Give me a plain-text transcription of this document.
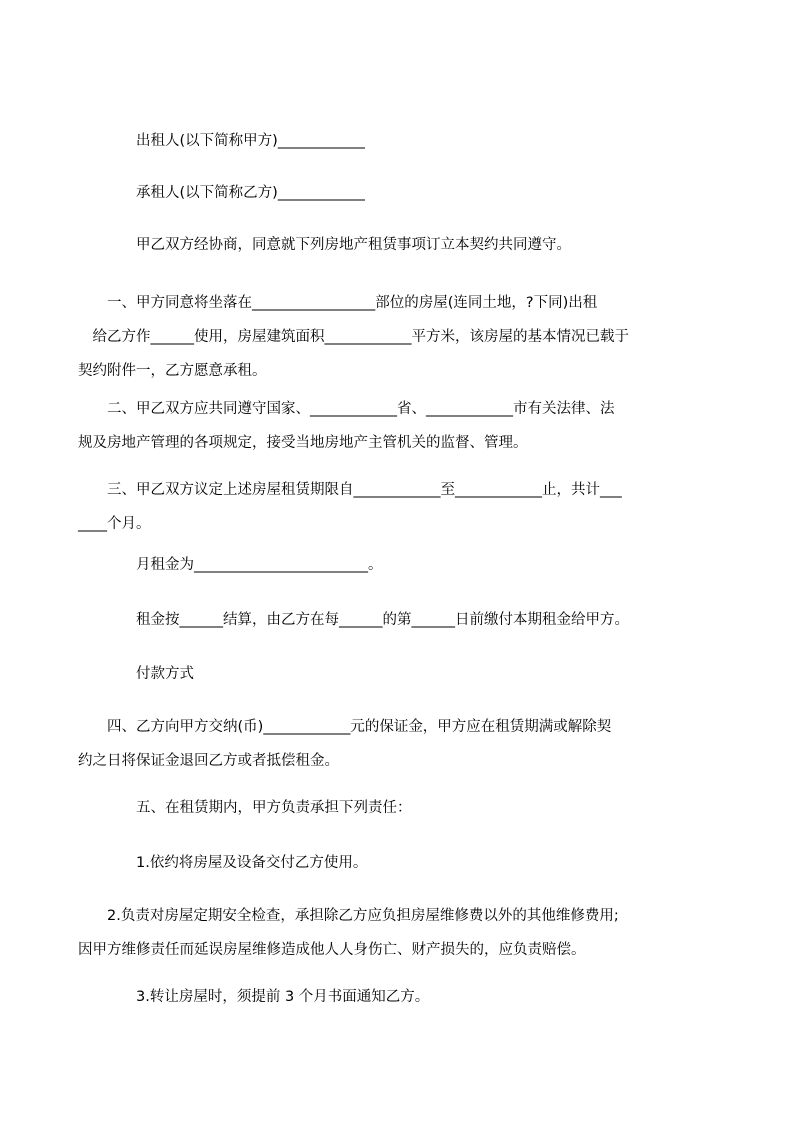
出租人(以下简称甲方)____________

承租人(以下简称乙方)____________

甲乙双方经协商，同意就下列房地产租赁事项订立本契约共同遵守。

　　一、甲方同意将坐落在_________________部位的房屋(连同土地，?下同)出租
　给乙方作______使用，房屋建筑面积____________平方米，该房屋的基本情况已载于
契约附件一，乙方愿意承租。

　　二、甲乙双方应共同遵守国家、____________省、____________市有关法律、法
规及房地产管理的各项规定，接受当地房地产主管机关的监督、管理。

　　三、甲乙双方议定上述房屋租赁期限自____________至____________止，共计___
____个月。

月租金为________________________。

租金按______结算，由乙方在每______的第______日前缴付本期租金给甲方。

付款方式

　　四、乙方向甲方交纳(币)____________元的保证金，甲方应在租赁期满或解除契
约之日将保证金退回乙方或者抵偿租金。

五、在租赁期内，甲方负责承担下列责任：

1.依约将房屋及设备交付乙方使用。

　　2.负责对房屋定期安全检查，承担除乙方应负担房屋维修费以外的其他维修费用;
因甲方维修责任而延误房屋维修造成他人人身伤亡、财产损失的，应负责赔偿。

3.转让房屋时，须提前 3 个月书面通知乙方。
